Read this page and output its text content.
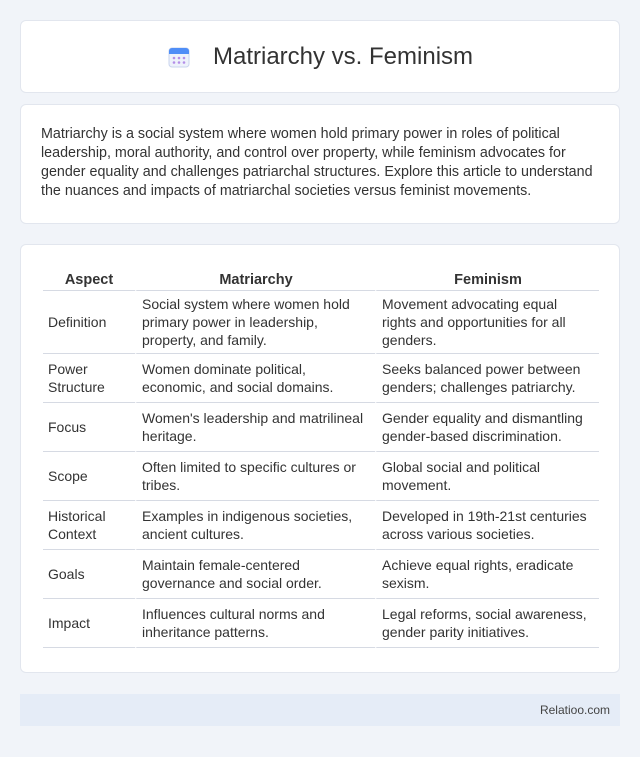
Matriarchy vs. Feminism

Matriarchy is a social system where women hold primary power in roles of political leadership, moral authority, and control over property, while feminism advocates for gender equality and challenges patriarchal structures. Explore this article to understand the nuances and impacts of matriarchal societies versus feminist movements.

Aspect	Matriarchy	Feminism
Definition	Social system where women hold primary power in leadership, property, and family.	Movement advocating equal rights and opportunities for all genders.
Power Structure	Women dominate political, economic, and social domains.	Seeks balanced power between genders; challenges patriarchy.
Focus	Women's leadership and matrilineal heritage.	Gender equality and dismantling gender-based discrimination.
Scope	Often limited to specific cultures or tribes.	Global social and political movement.
Historical Context	Examples in indigenous societies, ancient cultures.	Developed in 19th-21st centuries across various societies.
Goals	Maintain female-centered governance and social order.	Achieve equal rights, eradicate sexism.
Impact	Influences cultural norms and inheritance patterns.	Legal reforms, social awareness, gender parity initiatives.
Relatioo.com
